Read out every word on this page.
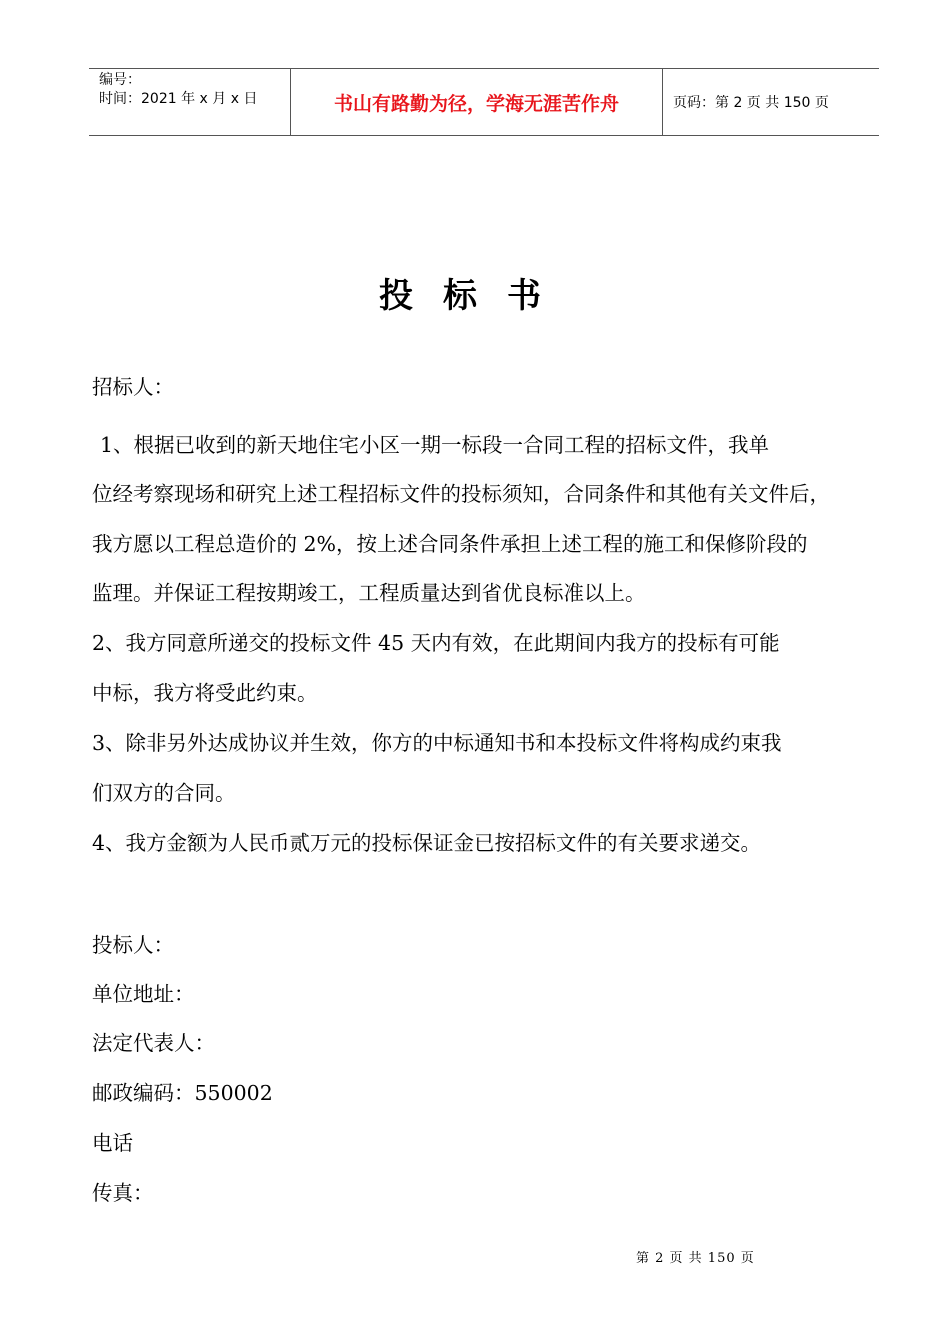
编号：
时间：2021 年 x 月 x 日	书山有路勤为径，学海无涯苦作舟	页码：第 2 页 共 150 页
投标书
招标人：
1、根据已收到的新天地住宅小区一期一标段一合同工程的招标文件，我单
位经考察现场和研究上述工程招标文件的投标须知，合同条件和其他有关文件后，
我方愿以工程总造价的 2%，按上述合同条件承担上述工程的施工和保修阶段的
监理。并保证工程按期竣工，工程质量达到省优良标准以上。
2、我方同意所递交的投标文件 45 天内有效，在此期间内我方的投标有可能
中标，我方将受此约束。
3、除非另外达成协议并生效，你方的中标通知书和本投标文件将构成约束我
们双方的合同。
4、我方金额为人民币贰万元的投标保证金已按招标文件的有关要求递交。
投标人：
单位地址：
法定代表人：
邮政编码：550002
电话
传真：
第 2 页 共 150 页
